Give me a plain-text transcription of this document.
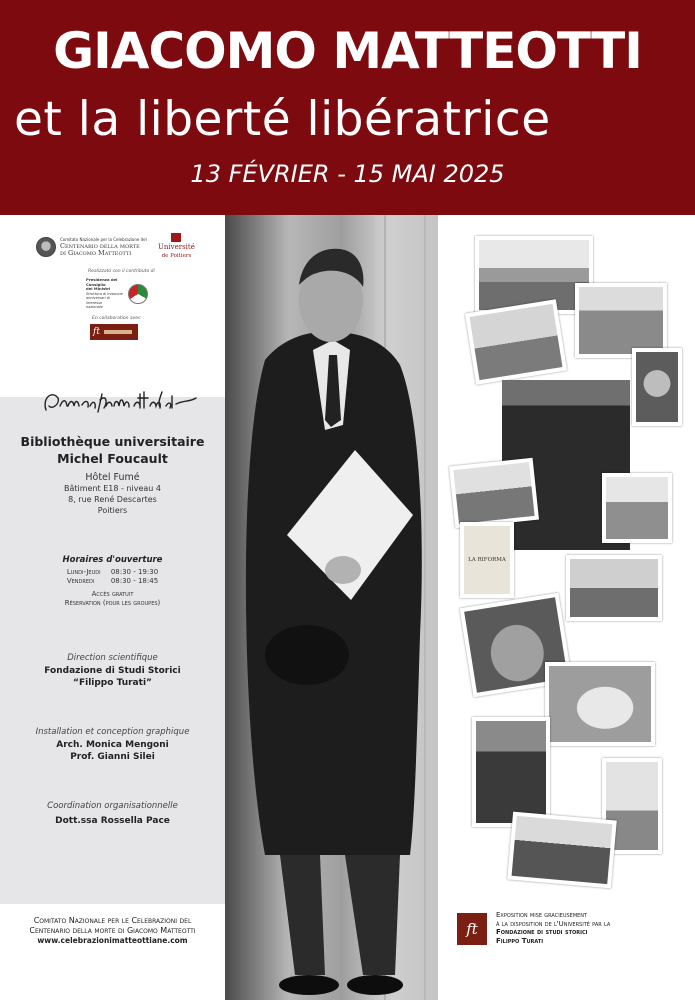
GIACOMO MATTEOTTI
et la liberté libératrice
13 FÉVRIER - 15 MAI 2025
Comitato Nazionale per la Celebrazione del
Centenario della morte
di Giacomo Matteotti
Université
de Poitiers
Realizzato con il contributo di
Presidenza del Consiglio
dei Ministri
Struttura di missione
anniversari di interesse
nazionale
En collaboration avec
ft
Bibliothèque universitaire
Michel Foucault
Hôtel Fumé
Bâtiment E18 - niveau 4
8, rue René Descartes
Poitiers
Horaires d'ouverture
Lundi-Jeudi 08:30 - 19:30
Vendredi 08:30 - 18:45
Accès gratuit
Réservation (pour les groupes)
Direction scientifique
Fondazione di Studi Storici
“Filippo Turati”
Installation et conception graphique
Arch. Monica Mengoni
Prof. Gianni Silei
Coordination organisationnelle
Dott.ssa Rossella Pace
Comitato Nazionale per le Celebrazioni del
Centenario della morte di Giacomo Matteotti
www.celebrazionimatteottiane.com
LA RIFORMA
ft
Exposition mise gracieusement
à la disposition de l'Université par la
Fondazione di studi storici
Filippo Turati
